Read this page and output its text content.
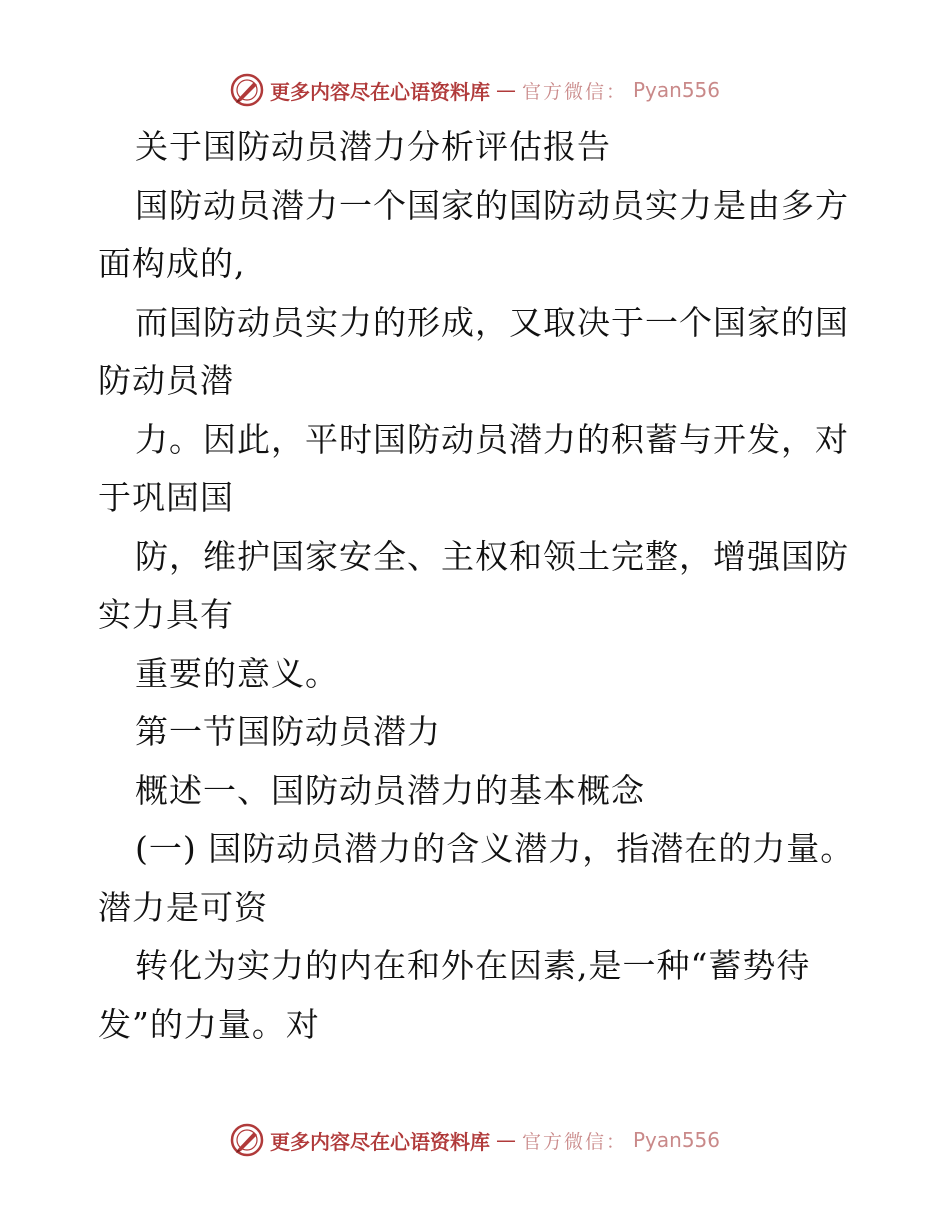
更多内容尽在心语资料库 — 官方微信： Pyan556
关于国防动员潜力分析评估报告
国防动员潜力一个国家的国防动员实力是由多方
面构成的,
而国防动员实力的形成，又取决于一个国家的国
防动员潜
力。因此，平时国防动员潜力的积蓄与开发，对
于巩固国
防，维护国家安全、主权和领土完整，增强国防
实力具有
重要的意义。
第一节国防动员潜力
概述一、国防动员潜力的基本概念
(一) 国防动员潜力的含义潜力，指潜在的力量。
潜力是可资
转化为实力的内在和外在因素,是一种“蓄势待
发”的力量。对
更多内容尽在心语资料库 — 官方微信： Pyan556
